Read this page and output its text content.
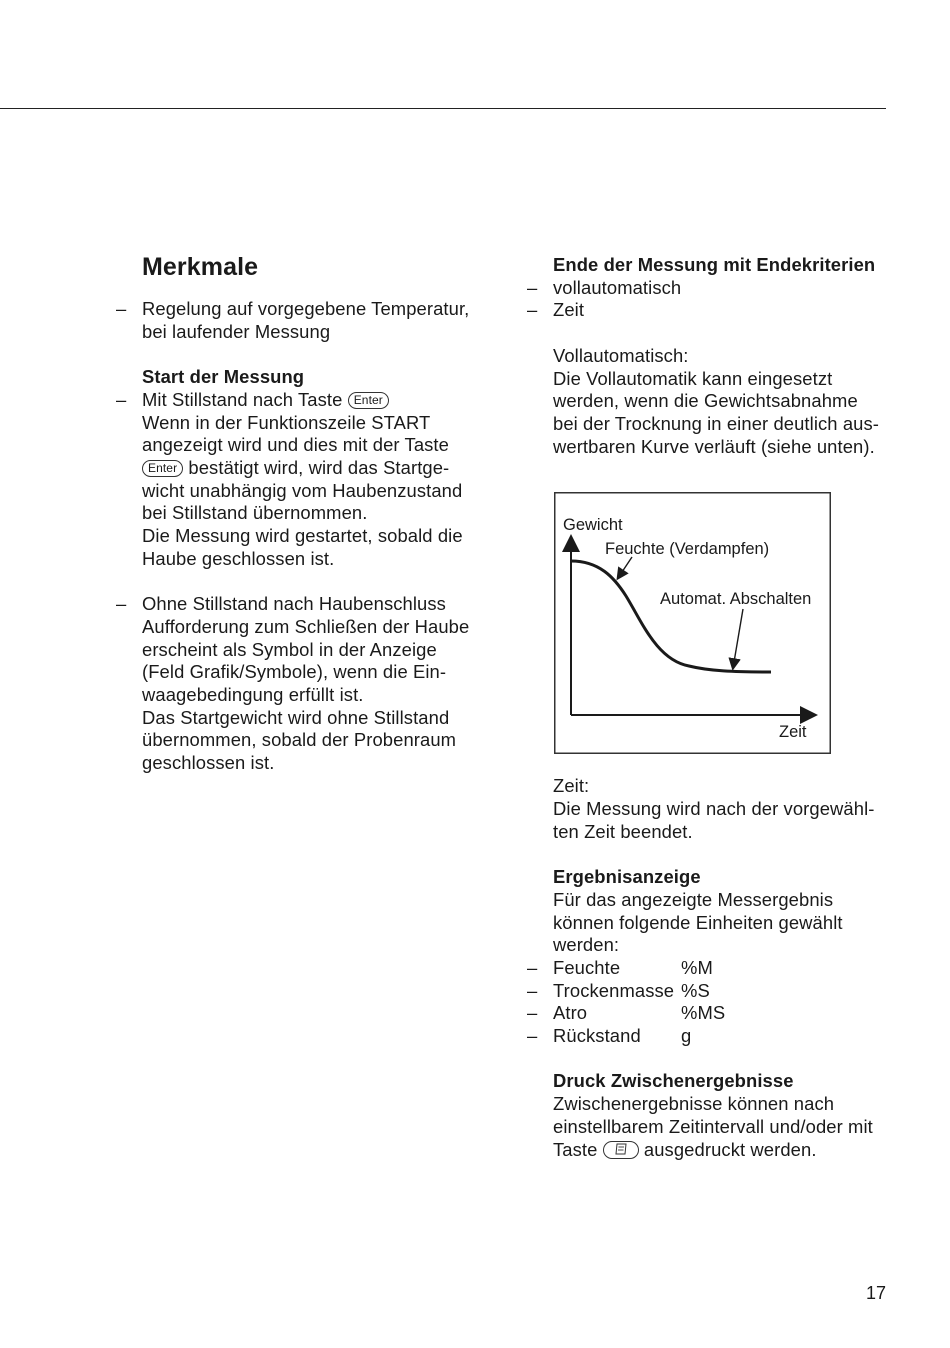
Merkmale
– Regelung auf vorgegebene Temperatur,
bei laufender Messung
Start der Messung
– Mit Stillstand nach Taste Enter
Wenn in der Funktionszeile START
angezeigt wird und dies mit der Taste
Enter bestätigt wird, wird das Startge-
wicht unabhängig vom Haubenzustand
bei Stillstand übernommen.
Die Messung wird gestartet, sobald die
Haube geschlossen ist.
– Ohne Stillstand nach Haubenschluss
Aufforderung zum Schließen der Haube
erscheint als Symbol in der Anzeige
(Feld Grafik/Symbole), wenn die Ein-
waagebedingung erfüllt ist.
Das Startgewicht wird ohne Stillstand
übernommen, sobald der Probenraum
geschlossen ist.
Ende der Messung mit Endekriterien
– vollautomatisch
– Zeit
Vollautomatisch:
Die Vollautomatik kann eingesetzt
werden, wenn die Gewichtsabnahme
bei der Trocknung in einer deutlich aus-
wertbaren Kurve verläuft (siehe unten).
Zeit:
Die Messung wird nach der vorgewähl-
ten Zeit beendet.
Ergebnisanzeige
Für das angezeigte Messergebnis
können folgende Einheiten gewählt
werden:
– Feuchte	%M
– Trockenmasse %S
– Atro	%MS
– Rückstand g
Druck Zwischenergebnisse
Zwischenergebnisse können nach
einstellbarem Zeitintervall und/oder mit
Taste	ausgedruckt werden.
Gewicht
Feuchte (Verdampfen)
Automat. Abschalten
Zeit
17
